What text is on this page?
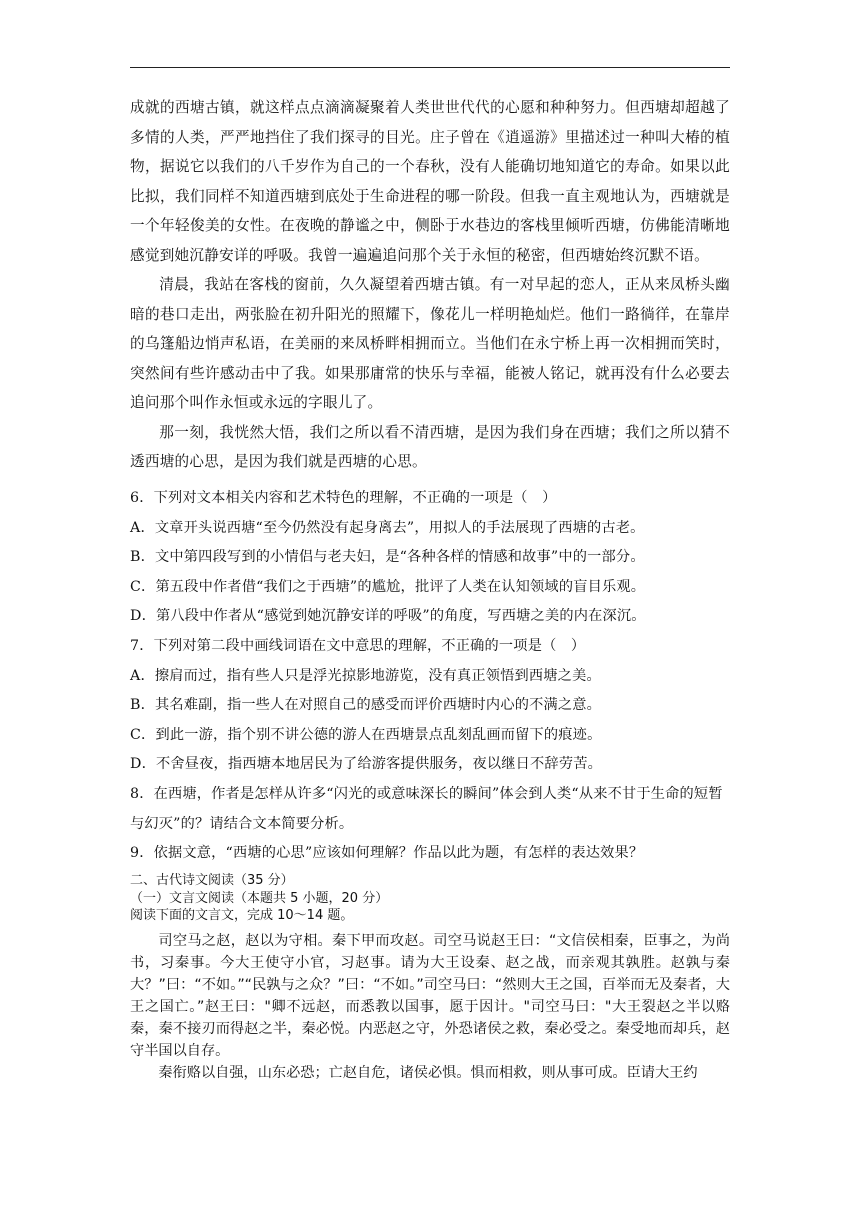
成就的西塘古镇，就这样点点滴滴凝聚着人类世世代代的心愿和种种努力。但西塘却超越了多情的人类，严严地挡住了我们探寻的目光。庄子曾在《逍遥游》里描述过一种叫大椿的植物，据说它以我们的八千岁作为自己的一个春秋，没有人能确切地知道它的寿命。如果以此比拟，我们同样不知道西塘到底处于生命进程的哪一阶段。但我一直主观地认为，西塘就是一个年轻俊美的女性。在夜晚的静谧之中，侧卧于水巷边的客栈里倾听西塘，仿佛能清晰地感觉到她沉静安详的呼吸。我曾一遍遍追问那个关于永恒的秘密，但西塘始终沉默不语。

清晨，我站在客栈的窗前，久久凝望着西塘古镇。有一对早起的恋人，正从来凤桥头幽暗的巷口走出，两张脸在初升阳光的照耀下，像花儿一样明艳灿烂。他们一路徜徉，在靠岸的乌篷船边悄声私语，在美丽的来凤桥畔相拥而立。当他们在永宁桥上再一次相拥而笑时，突然间有些许感动击中了我。如果那庸常的快乐与幸福，能被人铭记，就再没有什么必要去追问那个叫作永恒或永远的字眼儿了。

那一刻，我恍然大悟，我们之所以看不清西塘，是因为我们身在西塘；我们之所以猜不透西塘的心思，是因为我们就是西塘的心思。

6．下列对文本相关内容和艺术特色的理解，不正确的一项是（　）

A．文章开头说西塘“至今仍然没有起身离去”，用拟人的手法展现了西塘的古老。

B．文中第四段写到的小情侣与老夫妇，是“各种各样的情感和故事”中的一部分。

C．第五段中作者借“我们之于西塘”的尴尬，批评了人类在认知领域的盲目乐观。

D．第八段中作者从“感觉到她沉静安详的呼吸”的角度，写西塘之美的内在深沉。

7．下列对第二段中画线词语在文中意思的理解，不正确的一项是（　）

A．擦肩而过，指有些人只是浮光掠影地游览，没有真正领悟到西塘之美。

B．其名难副，指一些人在对照自己的感受而评价西塘时内心的不满之意。

C．到此一游，指个别不讲公德的游人在西塘景点乱刻乱画而留下的痕迹。

D．不舍昼夜，指西塘本地居民为了给游客提供服务，夜以继日不辞劳苦。

8．在西塘，作者是怎样从许多“闪光的或意味深长的瞬间”体会到人类“从来不甘于生命的短暂与幻灭”的？请结合文本简要分析。

9．依据文意，“西塘的心思”应该如何理解？作品以此为题，有怎样的表达效果？

二、古代诗文阅读（35 分）

（一）文言文阅读（本题共 5 小题，20 分）

阅读下面的文言文，完成 10～14 题。

司空马之赵，赵以为守相。秦下甲而攻赵。司空马说赵王曰：“文信侯相秦，臣事之，为尚书，习秦事。今大王使守小官，习赵事。请为大王设秦、赵之战，而亲观其孰胜。赵孰与秦大？”曰：“不如。”“民孰与之众？”曰：“不如。”司空马曰：“然则大王之国，百举而无及秦者，大王之国亡。”赵王曰："卿不远赵，而悉教以国事，愿于因计。"司空马曰："大王裂赵之半以赂秦，秦不接刃而得赵之半，秦必悦。内恶赵之守，外恐诸侯之救，秦必受之。秦受地而却兵，赵守半国以自存。

秦衔赂以自强，山东必恐；亡赵自危，诸侯必惧。惧而相救，则从事可成。臣请大王约
